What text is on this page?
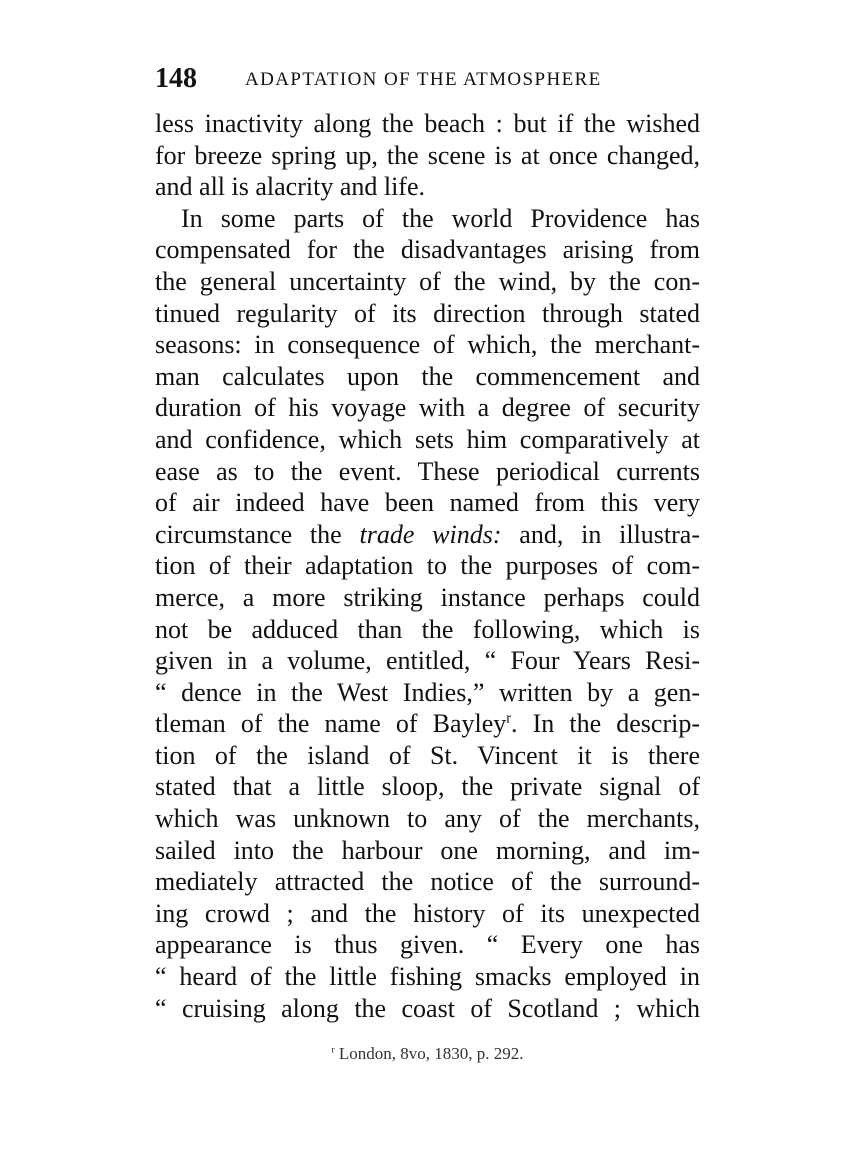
148	ADAPTATION OF THE ATMOSPHERE
less inactivity along the beach : but if the wished
for breeze spring up, the scene is at once changed,
and all is alacrity and life.
In some parts of the world Providence has
compensated for the disadvantages arising from
the general uncertainty of the wind, by the con-
tinued regularity of its direction through stated
seasons: in consequence of which, the merchant-
man calculates upon the commencement and
duration of his voyage with a degree of security
and confidence, which sets him comparatively at
ease as to the event. These periodical currents
of air indeed have been named from this very
circumstance the trade winds: and, in illustra-
tion of their adaptation to the purposes of com-
merce, a more striking instance perhaps could
not be adduced than the following, which is
given in a volume, entitled, “ Four Years Resi-
“ dence in the West Indies,” written by a gen-
tleman of the name of Bayley$^r$. In the descrip-
tion of the island of St. Vincent it is there
stated that a little sloop, the private signal of
which was unknown to any of the merchants,
sailed into the harbour one morning, and im-
mediately attracted the notice of the surround-
ing crowd ; and the history of its unexpected
appearance is thus given. “ Every one has
“ heard of the little fishing smacks employed in
“ cruising along the coast of Scotland ; which
$^r$ London, 8vo, 1830, p. 292.
